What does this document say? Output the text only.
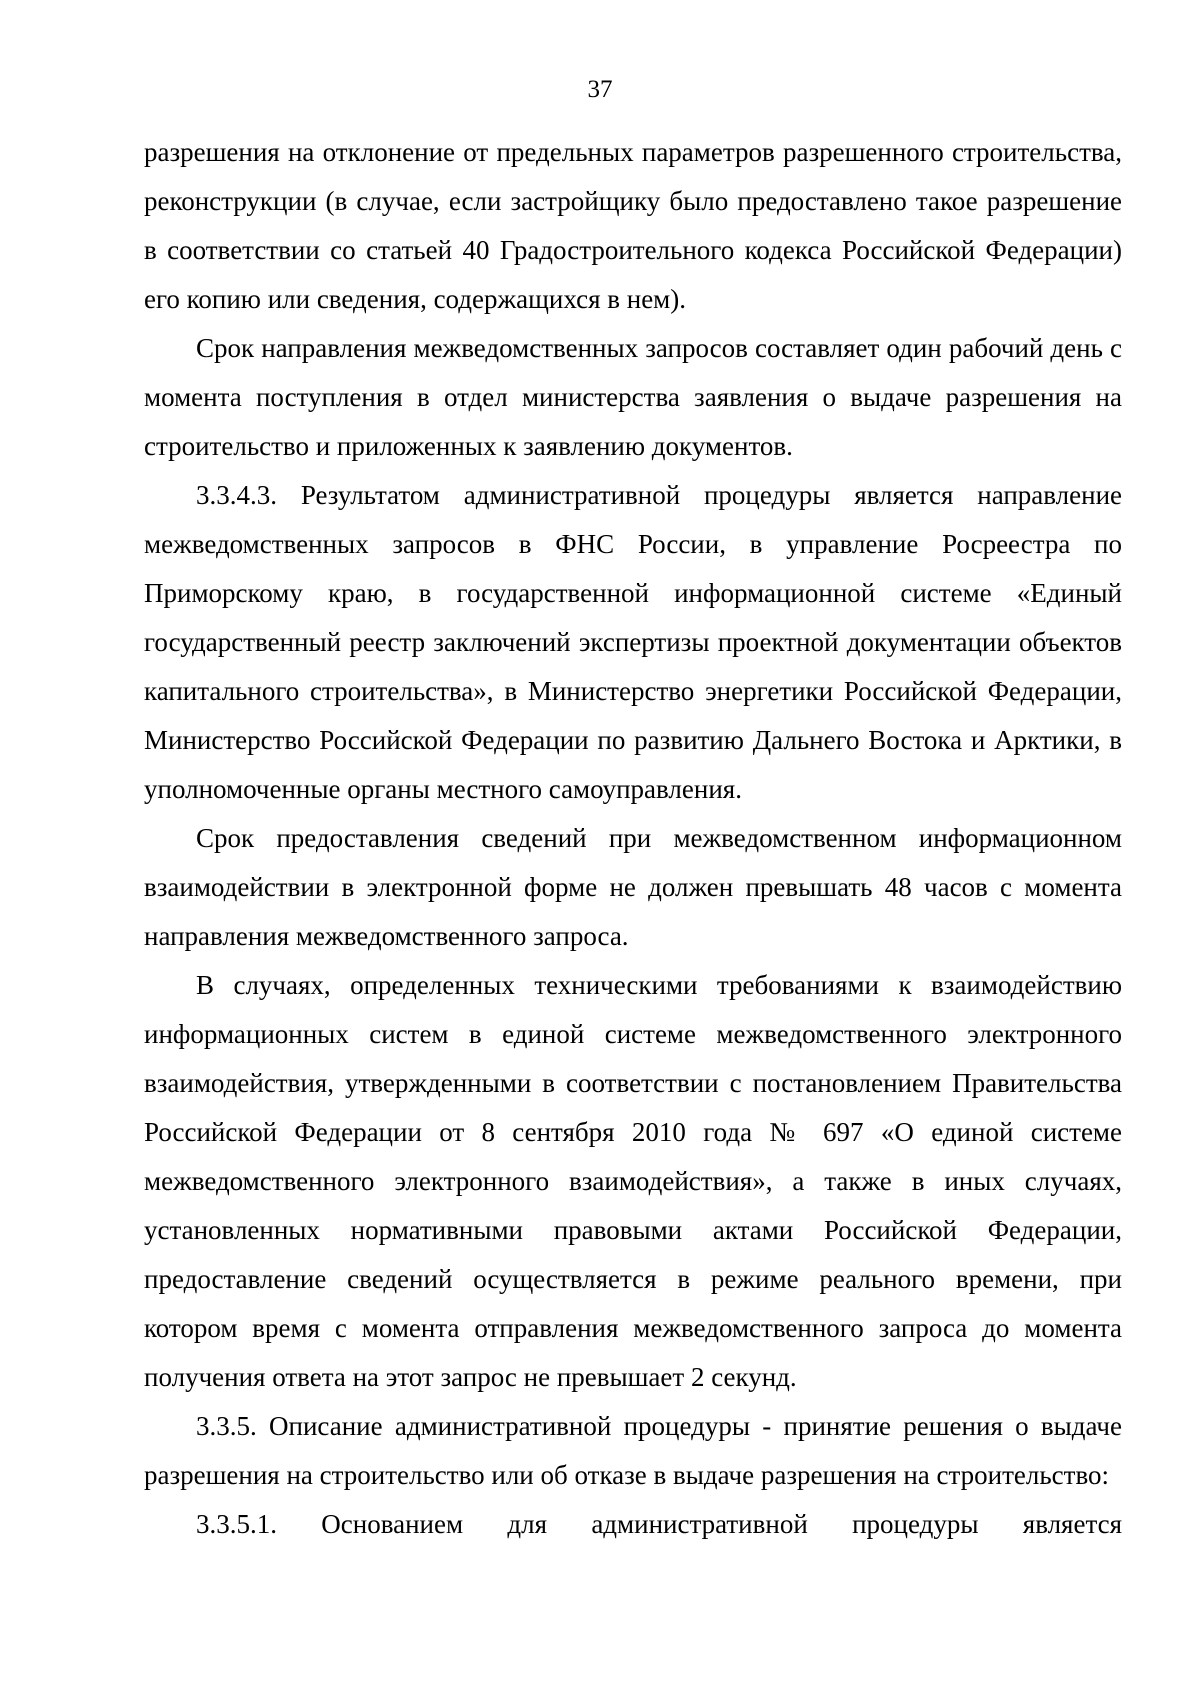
37

разрешения на отклонение от предельных параметров разрешенного строительства, реконструкции (в случае, если застройщику было предоставлено такое разрешение в соответствии со статьей 40 Градостроительного кодекса Российской Федерации) его копию или сведения, содержащихся в нем).

Срок направления межведомственных запросов составляет один рабочий день с момента поступления в отдел министерства заявления о выдаче разрешения на строительство и приложенных к заявлению документов.

3.3.4.3. Результатом административной процедуры является направление межведомственных запросов в ФНС России, в управление Росреестра по Приморскому краю, в государственной информационной системе «Единый государственный реестр заключений экспертизы проектной документации объектов капитального строительства», в Министерство энергетики Российской Федерации, Министерство Российской Федерации по развитию Дальнего Востока и Арктики, в уполномоченные органы местного самоуправления.

Срок предоставления сведений при межведомственном информационном взаимодействии в электронной форме не должен превышать 48 часов с момента направления межведомственного запроса.

В случаях, определенных техническими требованиями к взаимодействию информационных систем в единой системе межведомственного электронного взаимодействия, утвержденными в соответствии с постановлением Правительства Российской Федерации от 8 сентября 2010 года № 697 «О единой системе межведомственного электронного взаимодействия», а также в иных случаях, установленных нормативными правовыми актами Российской Федерации, предоставление сведений осуществляется в режиме реального времени, при котором время с момента отправления межведомственного запроса до момента получения ответа на этот запрос не превышает 2 секунд.

3.3.5. Описание административной процедуры - принятие решения о выдаче разрешения на строительство или об отказе в выдаче разрешения на строительство:

3.3.5.1. Основанием для административной процедуры является
